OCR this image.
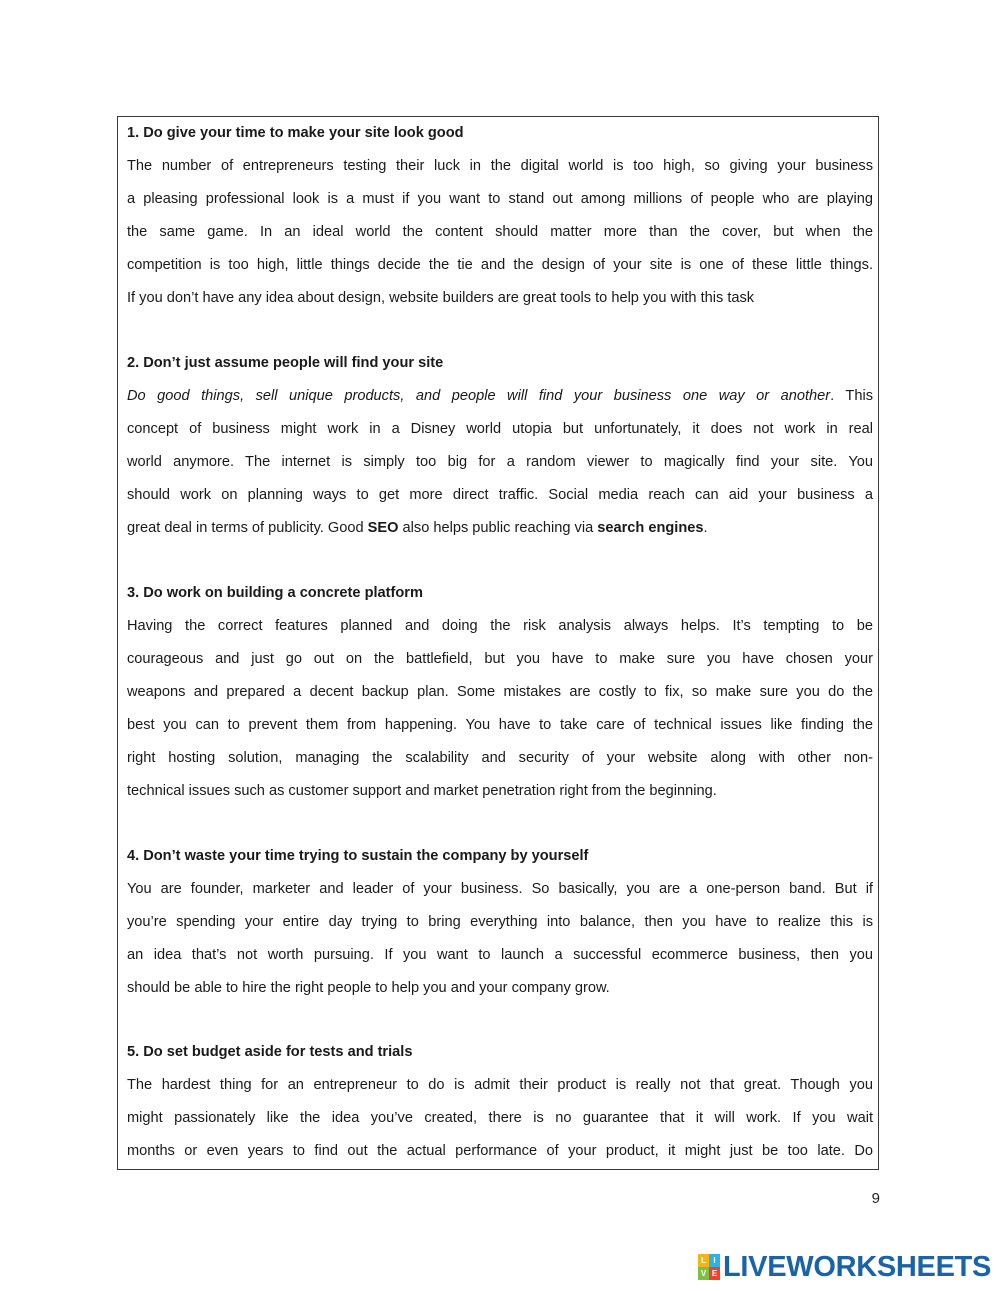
1. Do give your time to make your site look good
The number of entrepreneurs testing their luck in the digital world is too high, so giving your business
a pleasing professional look is a must if you want to stand out among millions of people who are playing
the same game. In an ideal world the content should matter more than the cover, but when the
competition is too high, little things decide the tie and the design of your site is one of these little things.
If you don’t have any idea about design, website builders are great tools to help you with this task
2. Don’t just assume people will find your site
Do good things, sell unique products, and people will find your business one way or another. This
concept of business might work in a Disney world utopia but unfortunately, it does not work in real
world anymore. The internet is simply too big for a random viewer to magically find your site. You
should work on planning ways to get more direct traffic. Social media reach can aid your business a
great deal in terms of publicity. Good SEO also helps public reaching via search engines.
3. Do work on building a concrete platform
Having the correct features planned and doing the risk analysis always helps. It’s tempting to be
courageous and just go out on the battlefield, but you have to make sure you have chosen your
weapons and prepared a decent backup plan. Some mistakes are costly to fix, so make sure you do the
best you can to prevent them from happening. You have to take care of technical issues like finding the
right hosting solution, managing the scalability and security of your website along with other non-
technical issues such as customer support and market penetration right from the beginning.
4. Don’t waste your time trying to sustain the company by yourself
You are founder, marketer and leader of your business. So basically, you are a one-person band. But if
you’re spending your entire day trying to bring everything into balance, then you have to realize this is
an idea that’s not worth pursuing. If you want to launch a successful ecommerce business, then you
should be able to hire the right people to help you and your company grow.
5. Do set budget aside for tests and trials
The hardest thing for an entrepreneur to do is admit their product is really not that great. Though you
might passionately like the idea you’ve created, there is no guarantee that it will work. If you wait
months or even years to find out the actual performance of your product, it might just be too late. Do
9
L I
V E LIVEWORKSHEETS
